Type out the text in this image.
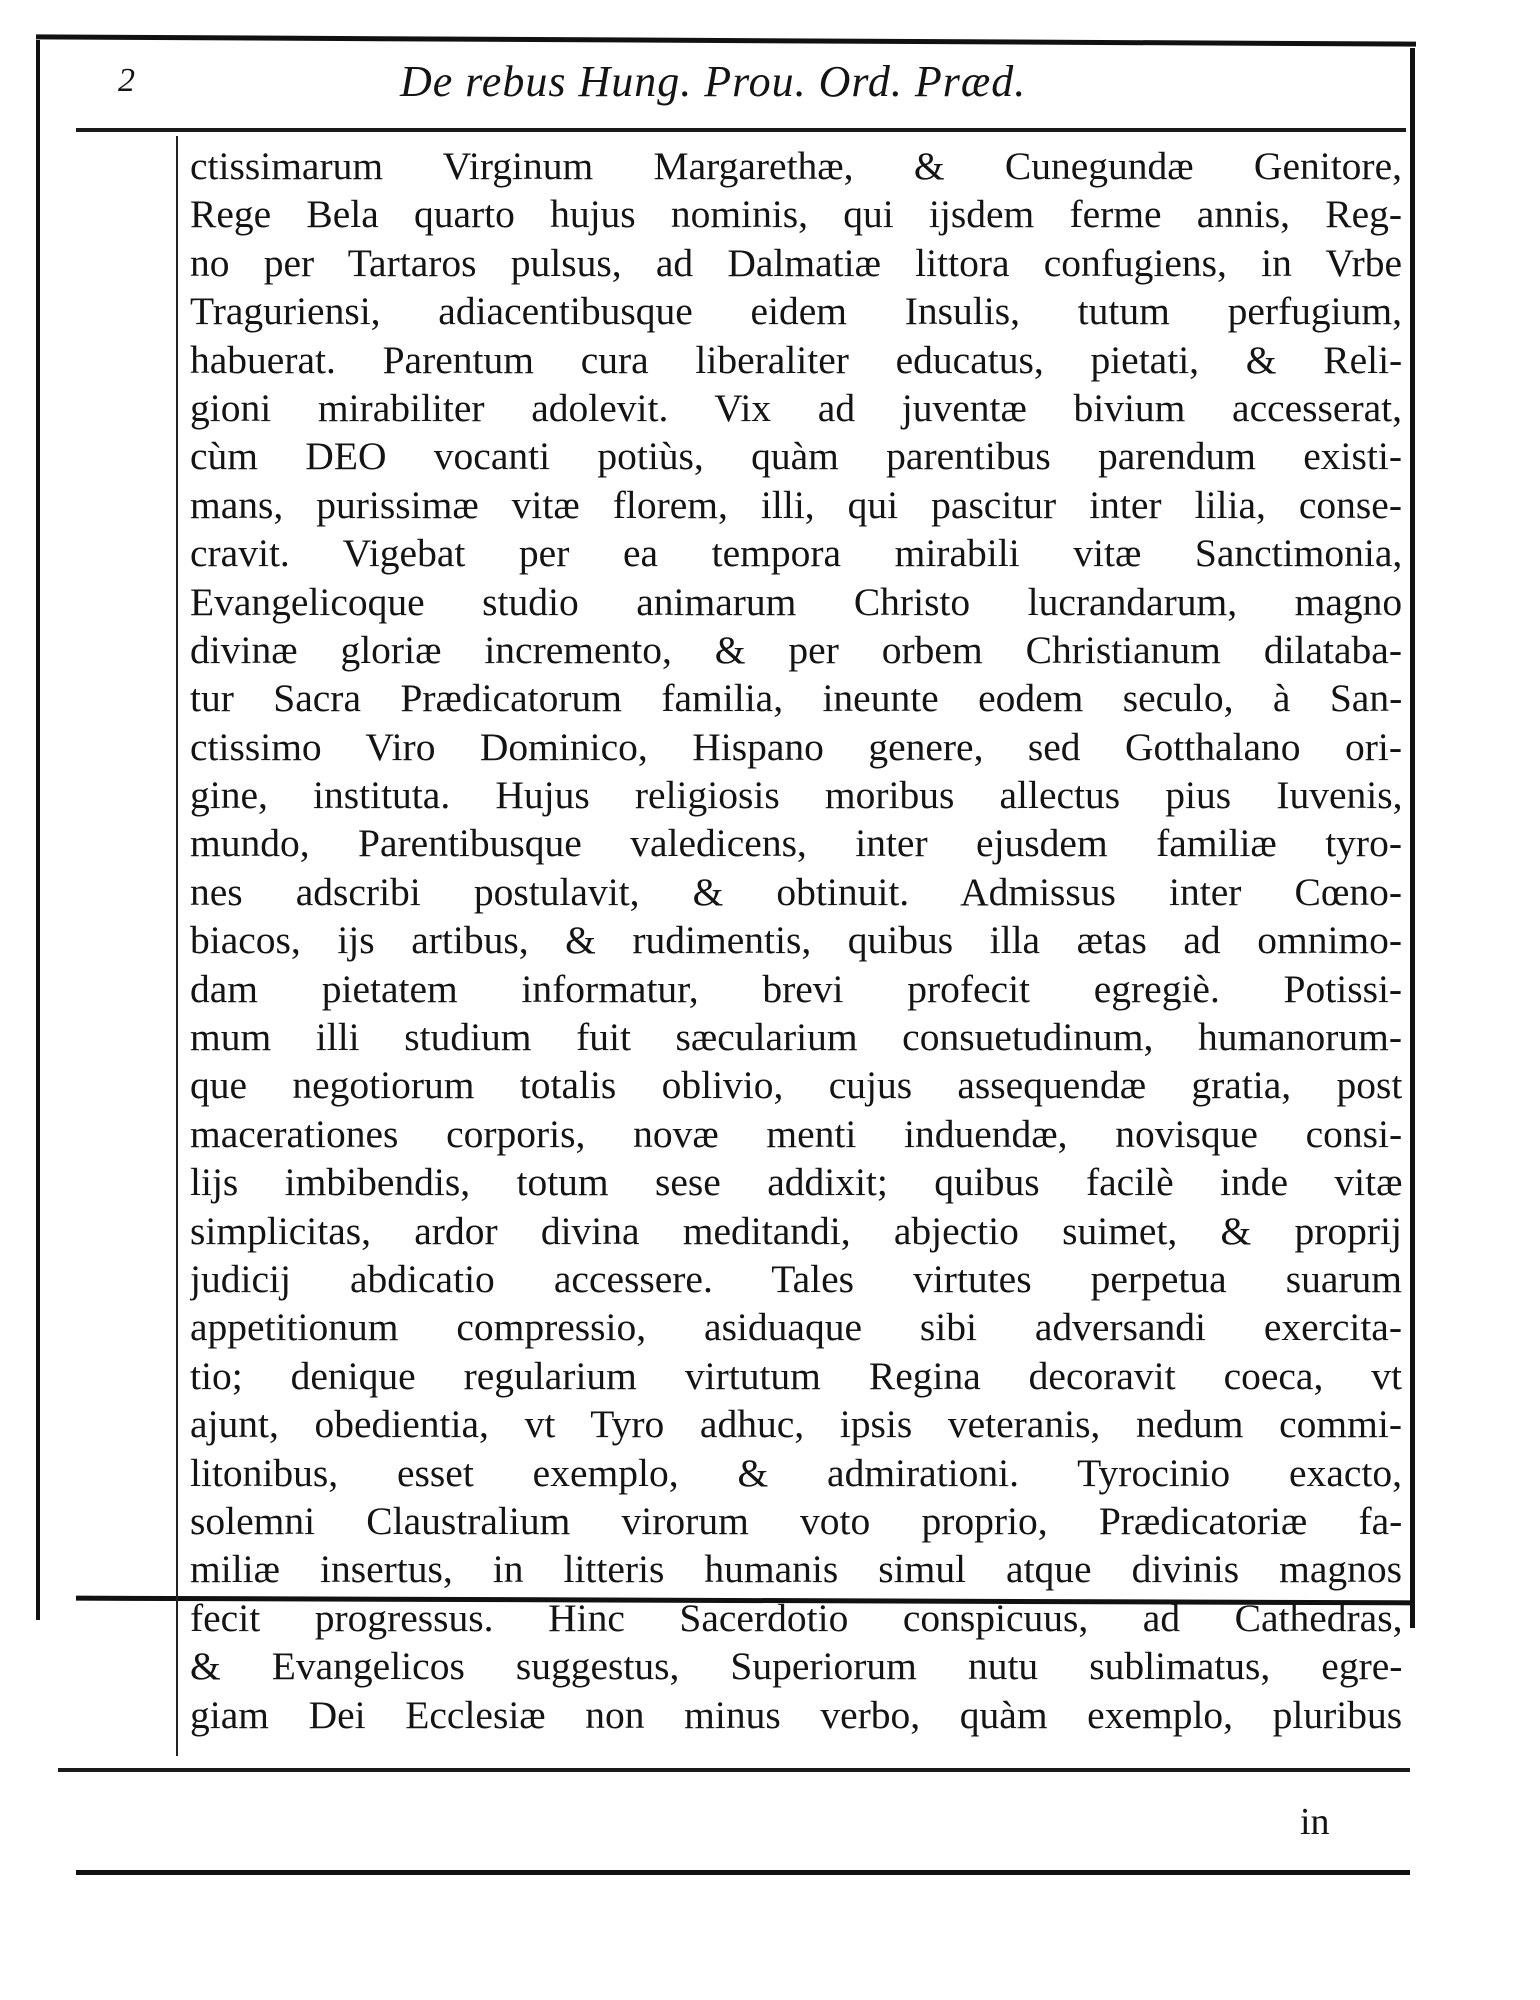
2	De rebus Hung. Prou. Ord. Præd.
ctissimarum Virginum Margarethæ, & Cunegundæ Genitore,
Rege Bela quarto hujus nominis, qui ijsdem ferme annis, Reg-
no per Tartaros pulsus, ad Dalmatiæ littora confugiens, in Vrbe
Traguriensi, adiacentibusque eidem Insulis, tutum perfugium,
habuerat. Parentum cura liberaliter educatus, pietati, & Reli-
gioni mirabiliter adolevit. Vix ad juventæ bivium accesserat,
cùm DEO vocanti potiùs, quàm parentibus parendum existi-
mans, purissimæ vitæ florem, illi, qui pascitur inter lilia, conse-
cravit. Vigebat per ea tempora mirabili vitæ Sanctimonia,
Evangelicoque studio animarum Christo lucrandarum, magno
divinæ gloriæ incremento, & per orbem Christianum dilataba-
tur Sacra Prædicatorum familia, ineunte eodem seculo, à San-
ctissimo Viro Dominico, Hispano genere, sed Gotthalano ori-
gine, instituta. Hujus religiosis moribus allectus pius Iuvenis,
mundo, Parentibusque valedicens, inter ejusdem familiæ tyro-
nes adscribi postulavit, & obtinuit. Admissus inter Cœno-
biacos, ijs artibus, & rudimentis, quibus illa ætas ad omnimo-
dam pietatem informatur, brevi profecit egregiè. Potissi-
mum illi studium fuit sæcularium consuetudinum, humanorum-
que negotiorum totalis oblivio, cujus assequendæ gratia, post
macerationes corporis, novæ menti induendæ, novisque consi-
lijs imbibendis, totum sese addixit; quibus facilè inde vitæ
simplicitas, ardor divina meditandi, abjectio suimet, & proprij
judicij abdicatio accessere. Tales virtutes perpetua suarum
appetitionum compressio, asiduaque sibi adversandi exercita-
tio; denique regularium virtutum Regina decoravit coeca, vt
ajunt, obedientia, vt Tyro adhuc, ipsis veteranis, nedum commi-
litonibus, esset exemplo, & admirationi. Tyrocinio exacto,
solemni Claustralium virorum voto proprio, Prædicatoriæ fa-
miliæ insertus, in litteris humanis simul atque divinis magnos
fecit progressus. Hinc Sacerdotio conspicuus, ad Cathedras,
& Evangelicos suggestus, Superiorum nutu sublimatus, egre-
giam Dei Ecclesiæ non minus verbo, quàm exemplo, pluribus
in
